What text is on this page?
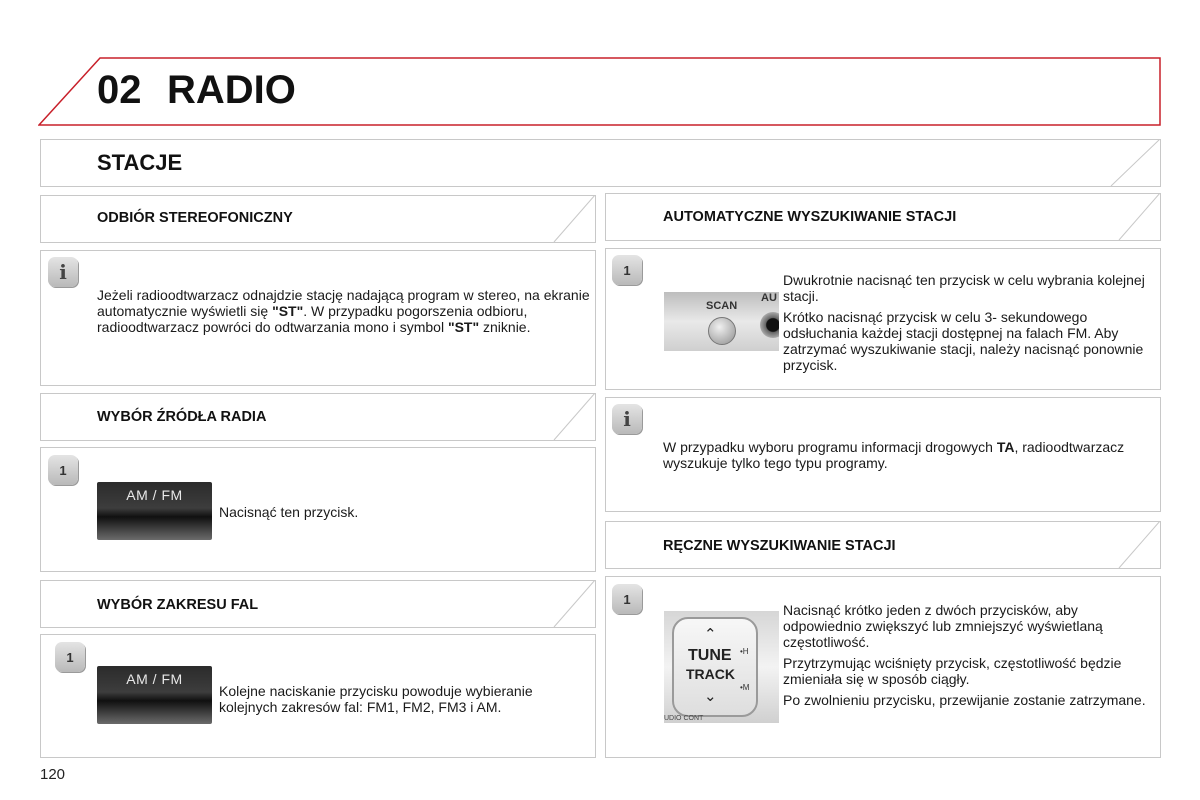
02 RADIO
STACJE
ODBIÓR STEREOFONICZNY
i
Jeżeli radioodtwarzacz odnajdzie stację nadającą program w stereo, na ekranie automatycznie wyświetli się "ST". W przypadku pogorszenia odbioru, radioodtwarzacz powróci do odtwarzania mono i symbol "ST" zniknie.
WYBÓR ŹRÓDŁA RADIA
1
AM / FM
Nacisnąć ten przycisk.
WYBÓR ZAKRESU FAL
1
AM / FM
Kolejne naciskanie przycisku powoduje wybieranie kolejnych zakresów fal: FM1, FM2, FM3 i AM.
AUTOMATYCZNE WYSZUKIWANIE STACJI
1
SCAN
AU

Dwukrotnie nacisnąć ten przycisk w celu wybrania kolejnej stacji.

Krótko nacisnąć przycisk w celu 3- sekundowego odsłuchania każdej stacji dostępnej na falach FM. Aby zatrzymać wyszukiwanie stacji, należy nacisnąć ponownie przycisk.

i
W przypadku wyboru programu informacji drogowych TA, radioodtwarzacz wyszukuje tylko tego typu programy.
RĘCZNE WYSZUKIWANIE STACJI
1
⌃
TUNE
TRACK
•H
•M
⌄
UDIO CONT

Nacisnąć krótko jeden z dwóch przycisków, aby odpowiednio zwiększyć lub zmniejszyć wyświetlaną częstotliwość.

Przytrzymując wciśnięty przycisk, częstotliwość będzie zmieniała się w sposób ciągły.

Po zwolnieniu przycisku, przewijanie zostanie zatrzymane.

120
